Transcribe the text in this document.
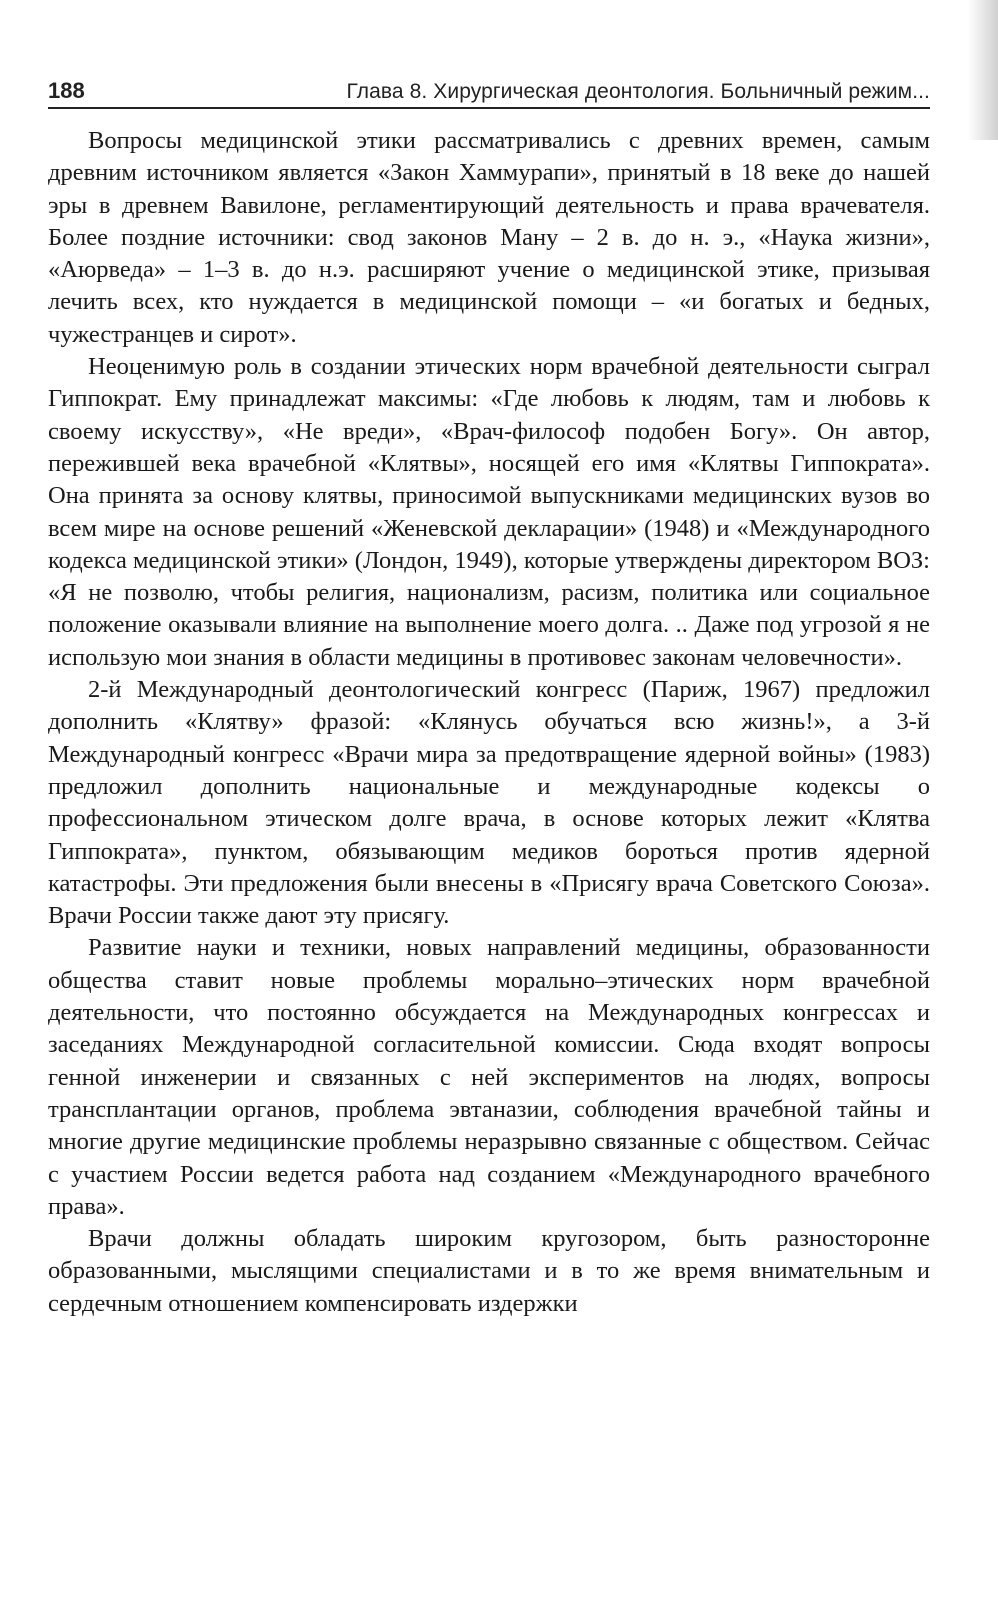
188	Глава 8. Хирургическая деонтология. Больничный режим...

Вопросы медицинской этики рассматривались с древних времен, самым древним источником является «Закон Хаммурапи», принятый в 18 веке до нашей эры в древнем Вавилоне, регламентирующий деятельность и права врачевателя. Более поздние источники: свод законов Ману – 2 в. до н. э., «Наука жизни», «Аюрведа» – 1–3 в. до н.э. расширяют учение о медицинской этике, призывая лечить всех, кто нуждается в медицинской помощи – «и богатых и бедных, чужестранцев и сирот».

Неоценимую роль в создании этических норм врачебной деятельности сыграл Гиппократ. Ему принадлежат максимы: «Где любовь к людям, там и любовь к своему искусству», «Не вреди», «Врач-философ подобен Богу». Он автор, пережившей века врачебной «Клятвы», носящей его имя «Клятвы Гиппократа». Она принята за основу клятвы, приносимой выпускниками медицинских вузов во всем мире на основе решений «Женевской декларации» (1948) и «Международного кодекса медицинской этики» (Лондон, 1949), которые утверждены директором ВОЗ: «Я не позволю, чтобы религия, национализм, расизм, политика или социальное положение оказывали влияние на выполнение моего долга. .. Даже под угрозой я не использую мои знания в области медицины в противовес законам человечности».

2-й Международный деонтологический конгресс (Париж, 1967) предложил дополнить «Клятву» фразой: «Клянусь обучаться всю жизнь!», а 3-й Международный конгресс «Врачи мира за предотвращение ядерной войны» (1983) предложил дополнить национальные и международные кодексы о профессиональном этическом долге врача, в основе которых лежит «Клятва Гиппократа», пунктом, обязывающим медиков бороться против ядерной катастрофы. Эти предложения были внесены в «Присягу врача Советского Союза». Врачи России также дают эту присягу.

Развитие науки и техники, новых направлений медицины, образованности общества ставит новые проблемы морально–этических норм врачебной деятельности, что постоянно обсуждается на Международных конгрессах и заседаниях Международной согласительной комиссии. Сюда входят вопросы генной инженерии и связанных с ней экспериментов на людях, вопросы трансплантации органов, проблема эвтаназии, соблюдения врачебной тайны и многие другие медицинские проблемы неразрывно связанные с обществом. Сейчас с участием России ведется работа над созданием «Международного врачебного права».

Врачи должны обладать широким кругозором, быть разносторонне образованными, мыслящими специалистами и в то же время внимательным и сердечным отношением компенсировать издержки
